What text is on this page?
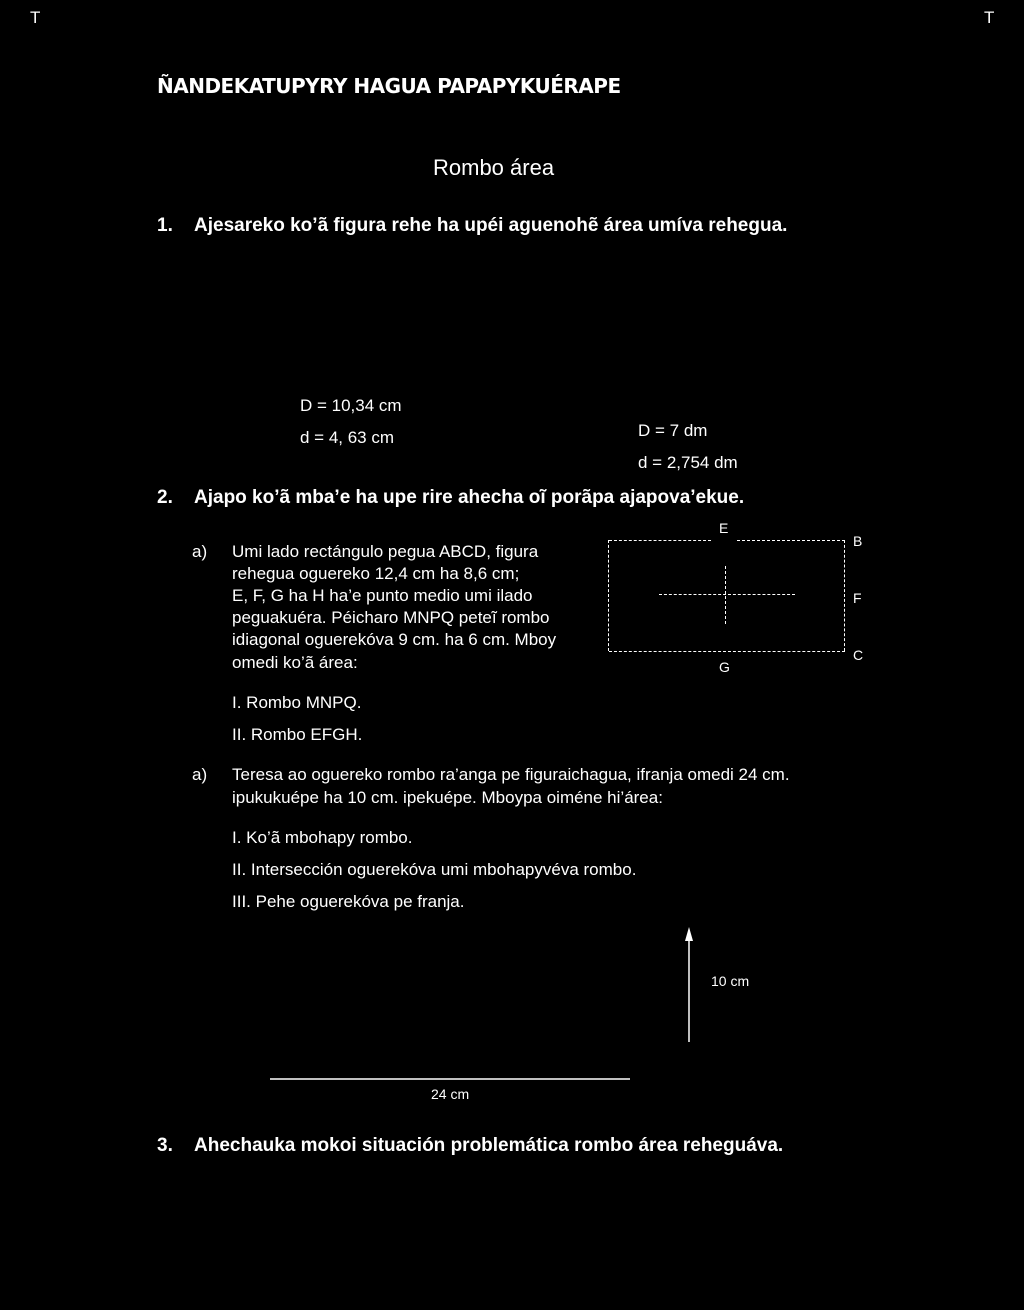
T	T
ÑANDEKATUPYRY HAGUA PAPAPYKUÉRAPE
Rombo área
1. Ajesareko ko’ã figura rehe ha upéi aguenohẽ área umíva rehegua.
D = 10,34 cm
d = 4, 63 cm	D = 7 dm
d = 2,754 dm
2. Ajapo ko’ã mba’e ha upe rire ahecha oĩ porãpa ajapova’ekue.
a) Umi lado rectángulo pegua ABCD, figura
rehegua oguereko 12,4 cm ha 8,6 cm;
E, F, G ha H ha’e punto medio umi ilado
peguakuéra. Péicharo MNPQ peteĩ rombo
idiagonal oguerekóva 9 cm. ha 6 cm. Mboy
omedi ko’ã área:
I. Rombo MNPQ.
II. Rombo EFGH.
E
B
F
G
C
a) Teresa ao oguereko rombo ra’anga pe figuraichagua, ifranja omedi 24 cm.
ipukukuépe ha 10 cm. ipekuépe. Mboypa oiméne hi’área:
I. Ko’ã mbohapy rombo.
II. Intersección oguerekóva umi mbohapyvéva rombo.
III. Pehe oguerekóva pe franja.
10 cm
24 cm
3. Ahechauka mokoi situación problemática rombo área reheguáva.
